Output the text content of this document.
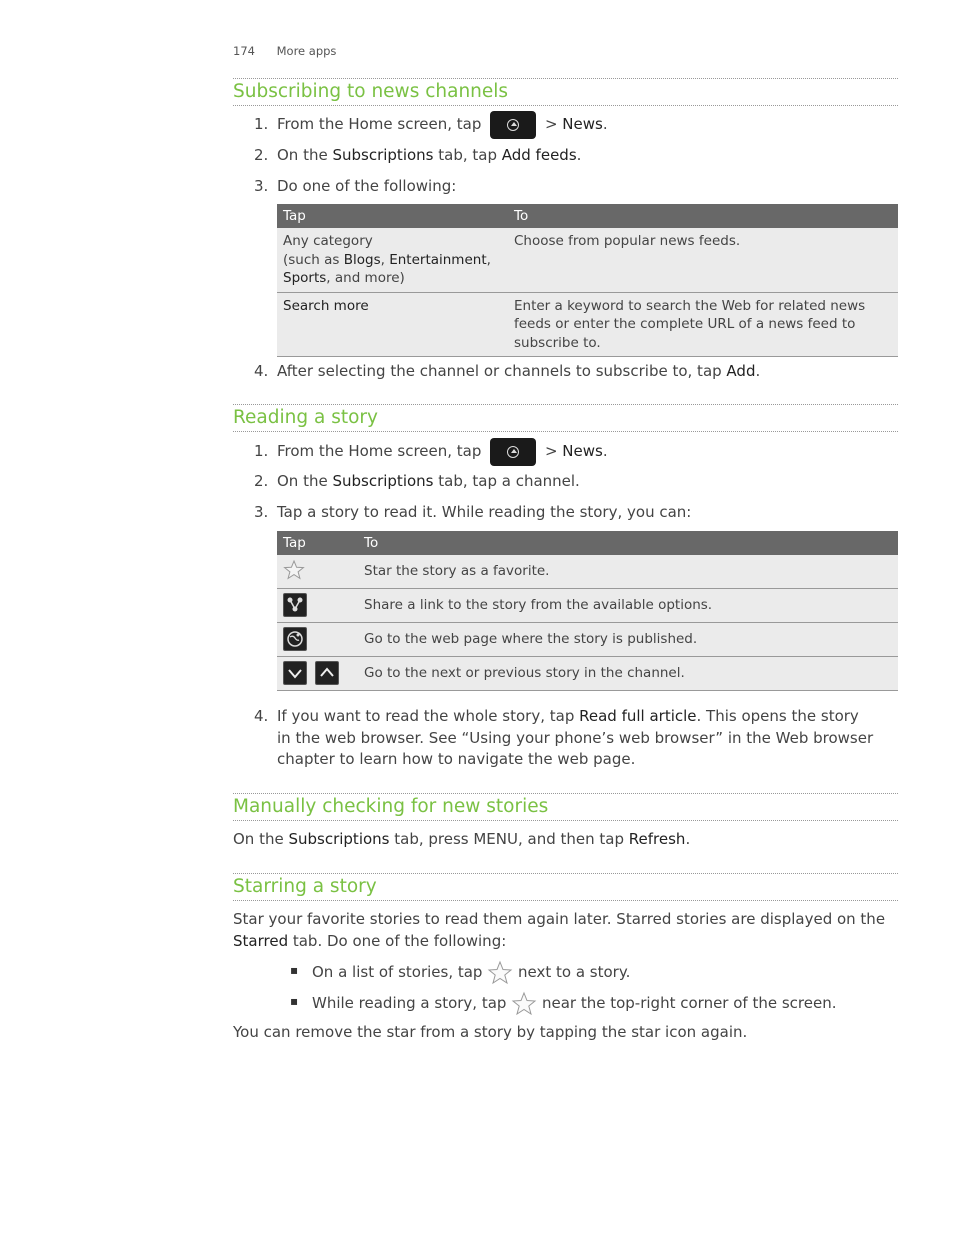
174 More apps
Subscribing to news channels
1. From the Home screen, tap	> News.
2. On the Subscriptions tab, tap Add feeds.
3. Do one of the following:
Tap	To

Any category
(such as Blogs, Entertainment,
Sports, and more)	Choose from popular news feeds.
Search more	Enter a keyword to search the Web for related news
feeds or enter the complete URL of a news feed to
subscribe to.
4. After selecting the channel or channels to subscribe to, tap Add.
Reading a story
1. From the Home screen, tap	> News.
2. On the Subscriptions tab, tap a channel.
3. Tap a story to read it. While reading the story, you can:
Tap	To

	Star the story as a favorite.

	Share a link to the story from the available options.

	Go to the web page where the story is published.

	Go to the next or previous story in the channel.
4. If you want to read the whole story, tap Read full article. This opens the story
in the web browser. See “Using your phone’s web browser” in the Web browser
chapter to learn how to navigate the web page.
Manually checking for new stories
On the Subscriptions tab, press MENU, and then tap Refresh.
Starring a story
Star your favorite stories to read them again later. Starred stories are displayed on the
Starred tab. Do one of the following:
▪ On a list of stories, tap next to a story.
▪ While reading a story, tap near the top-right corner of the screen.
You can remove the star from a story by tapping the star icon again.
